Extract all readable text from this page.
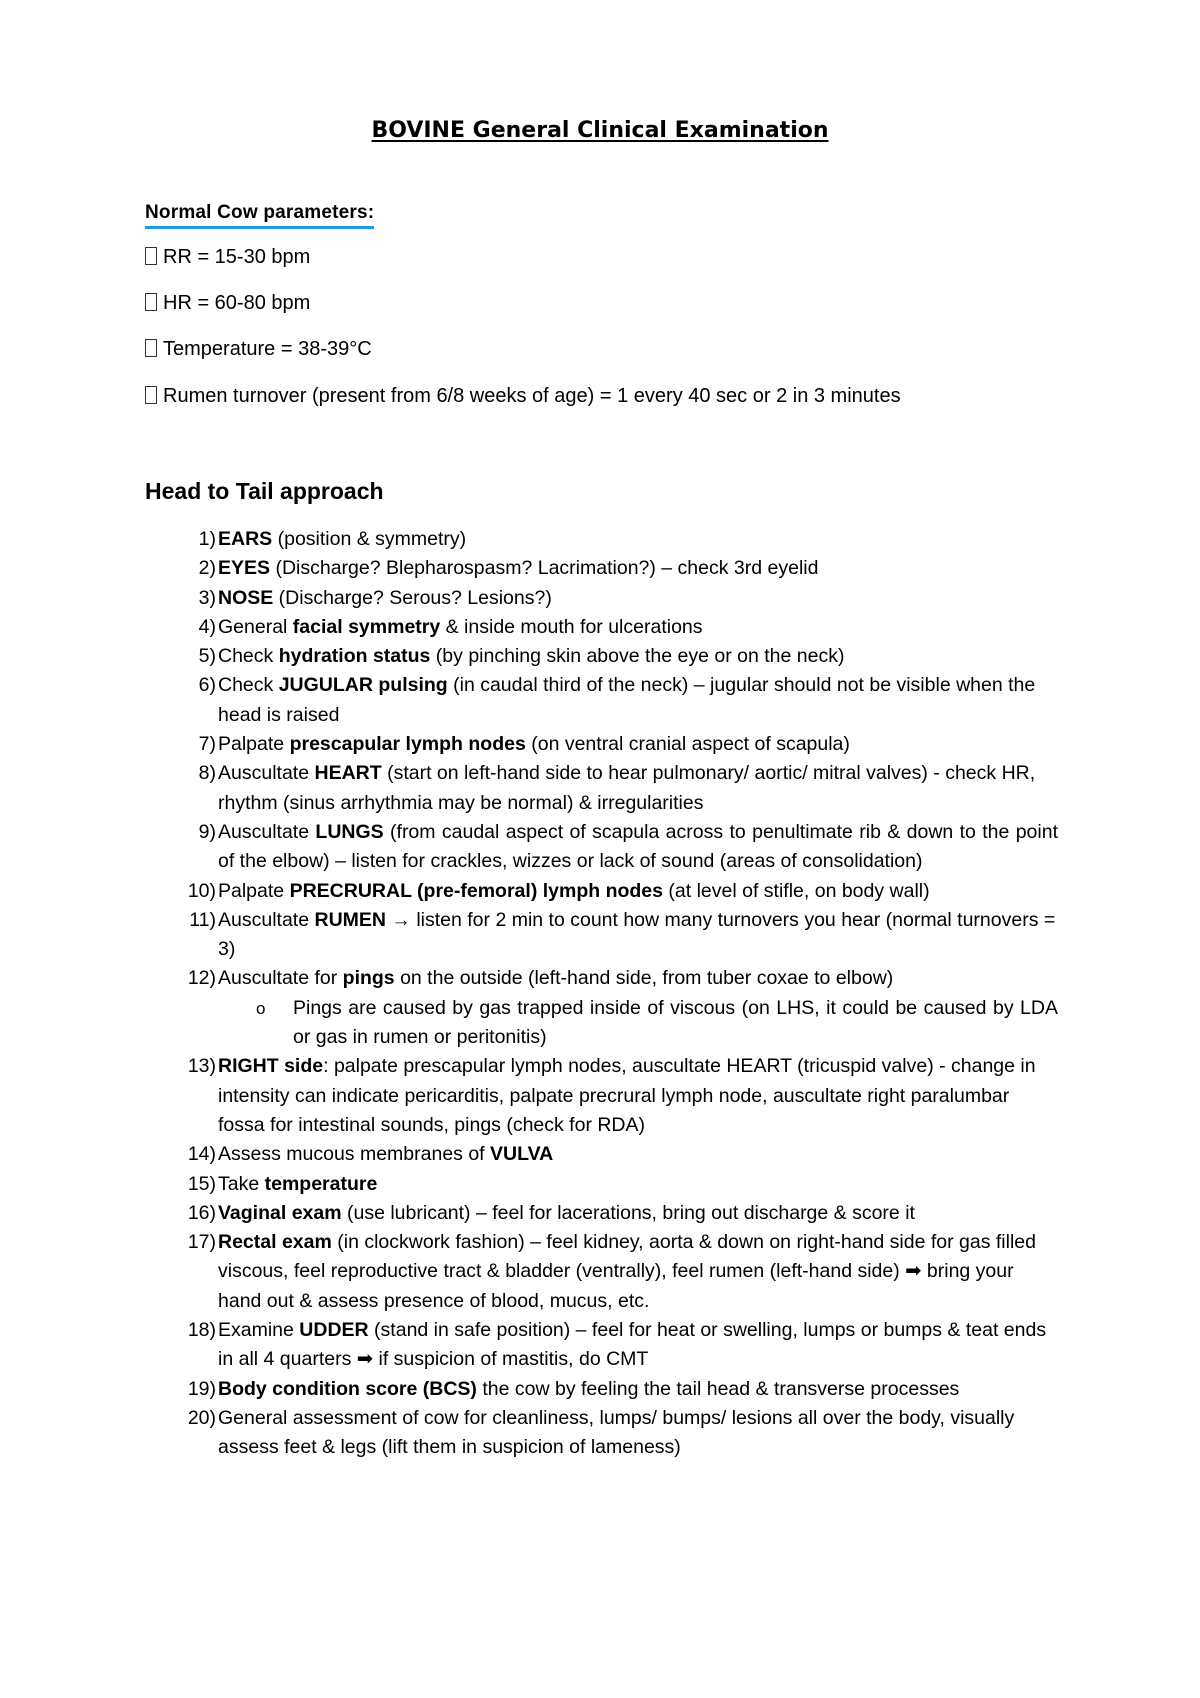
BOVINE General Clinical Examination
Normal Cow parameters:
RR = 15-30 bpm
HR = 60-80 bpm
Temperature = 38-39°C
Rumen turnover (present from 6/8 weeks of age) = 1 every 40 sec or 2 in 3 minutes
Head to Tail approach
1) EARS (position & symmetry)
2) EYES (Discharge? Blepharospasm? Lacrimation?) – check 3rd eyelid
3) NOSE (Discharge? Serous? Lesions?)
4) General facial symmetry & inside mouth for ulcerations
5) Check hydration status (by pinching skin above the eye or on the neck)
6) Check JUGULAR pulsing (in caudal third of the neck) – jugular should not be visible when the head is raised
7) Palpate prescapular lymph nodes (on ventral cranial aspect of scapula)
8) Auscultate HEART (start on left-hand side to hear pulmonary/ aortic/ mitral valves) - check HR, rhythm (sinus arrhythmia may be normal) & irregularities
9) Auscultate LUNGS (from caudal aspect of scapula across to penultimate rib & down to the point of the elbow) – listen for crackles, wizzes or lack of sound (areas of consolidation)
10) Palpate PRECRURAL (pre-femoral) lymph nodes (at level of stifle, on body wall)
11) Auscultate RUMEN → listen for 2 min to count how many turnovers you hear (normal turnovers = 3)
12) Auscultate for pings on the outside (left-hand side, from tuber coxae to elbow)
o Pings are caused by gas trapped inside of viscous (on LHS, it could be caused by LDA or gas in rumen or peritonitis)
13) RIGHT side: palpate prescapular lymph nodes, auscultate HEART (tricuspid valve) - change in intensity can indicate pericarditis, palpate precrural lymph node, auscultate right paralumbar fossa for intestinal sounds, pings (check for RDA)
14) Assess mucous membranes of VULVA
15) Take temperature
16) Vaginal exam (use lubricant) – feel for lacerations, bring out discharge & score it
17) Rectal exam (in clockwork fashion) – feel kidney, aorta & down on right-hand side for gas filled viscous, feel reproductive tract & bladder (ventrally), feel rumen (left-hand side) ➡ bring your hand out & assess presence of blood, mucus, etc.
18) Examine UDDER (stand in safe position) – feel for heat or swelling, lumps or bumps & teat ends in all 4 quarters ➡ if suspicion of mastitis, do CMT
19) Body condition score (BCS) the cow by feeling the tail head & transverse processes
20) General assessment of cow for cleanliness, lumps/ bumps/ lesions all over the body, visually assess feet & legs (lift them in suspicion of lameness)
